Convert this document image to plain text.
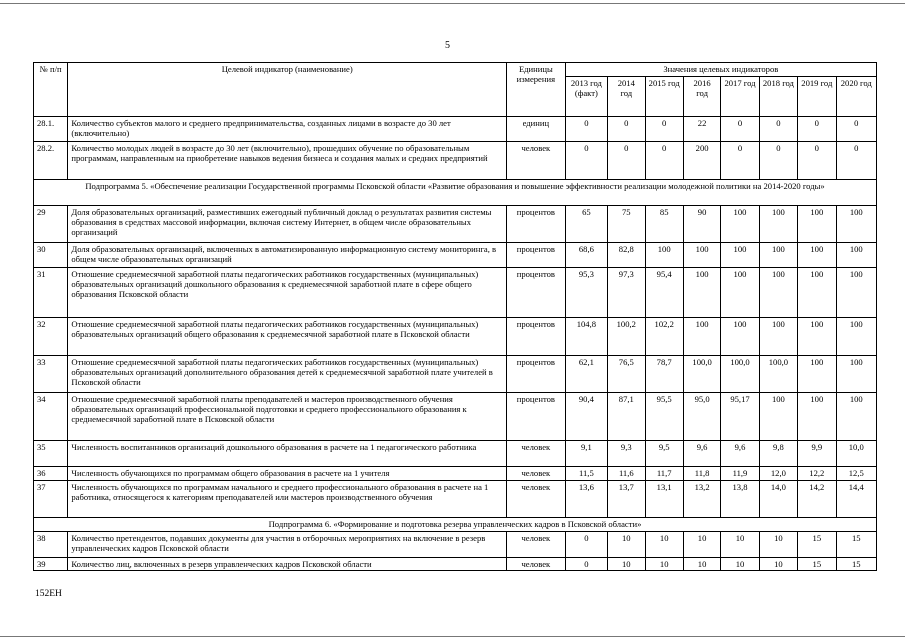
5
№ п/п	Целевой индикатор (наименование)	Единицы измерения	Значения целевых индикаторов							
			2013 год (факт)	2014 год	2015 год	2016 год	2017 год	2018 год	2019 год	2020 год
28.1.	Количество субъектов малого и среднего предпринимательства, созданных лицами в возрасте до 30 лет (включительно)	единиц	0	0	0	22	0	0	0	0
28.2.	Количество молодых людей в возрасте до 30 лет (включительно), прошедших обучение по образовательным программам, направленным на приобретение навыков ведения бизнеса и создания малых и средних предприятий	человек	0	0	0	200	0	0	0	0
Подпрограмма 5. «Обеспечение реализации Государственной программы Псковской области «Развитие образования и повышение эффективности реализации молодежной политики на 2014-2020 годы»										
29	Доля образовательных организаций, разместивших ежегодный публичный доклад о результатах развития системы образования в средствах массовой информации, включая систему Интернет, в общем числе образовательных организаций	процентов	65	75	85	90	100	100	100	100
30	Доля образовательных организаций, включенных в автоматизированную информационную систему мониторинга, в общем числе образовательных организаций	процентов	68,6	82,8	100	100	100	100	100	100
31	Отношение среднемесячной заработной платы педагогических работников государственных (муниципальных) образовательных организаций дошкольного образования к среднемесячной заработной плате в сфере общего образования Псковской области	процентов	95,3	97,3	95,4	100	100	100	100	100
32	Отношение среднемесячной заработной платы педагогических работников государственных (муниципальных) образовательных организаций общего образования к среднемесячной заработной плате в Псковской области	процентов	104,8	100,2	102,2	100	100	100	100	100
33	Отношение среднемесячной заработной платы педагогических работников государственных (муниципальных) образовательных организаций дополнительного образования детей к среднемесячной заработной плате учителей в Псковской области	процентов	62,1	76,5	78,7	100,0	100,0	100,0	100	100
34	Отношение среднемесячной заработной платы преподавателей и мастеров производственного обучения образовательных организаций профессиональной подготовки и среднего профессионального образования к среднемесячной заработной плате в Псковской области	процентов	90,4	87,1	95,5	95,0	95,17	100	100	100
35	Численность воспитанников организаций дошкольного образования в расчете на 1 педагогического работника	человек	9,1	9,3	9,5	9,6	9,6	9,8	9,9	10,0
36	Численность обучающихся по программам общего образования в расчете на 1 учителя	человек	11,5	11,6	11,7	11,8	11,9	12,0	12,2	12,5
37	Численность обучающихся по программам начального и среднего профессионального образования в расчете на 1 работника, относящегося к категориям преподавателей или мастеров производственного обучения	человек	13,6	13,7	13,1	13,2	13,8	14,0	14,2	14,4
Подпрограмма 6. «Формирование и подготовка резерва управленческих кадров в Псковской области»										
38	Количество претендентов, подавших документы для участия в отборочных мероприятиях на включение в резерв управленческих кадров Псковской области	человек	0	10	10	10	10	10	15	15
39	Количество лиц, включенных в резерв управленческих кадров Псковской области	человек	0	10	10	10	10	10	15	15
152ЕН
